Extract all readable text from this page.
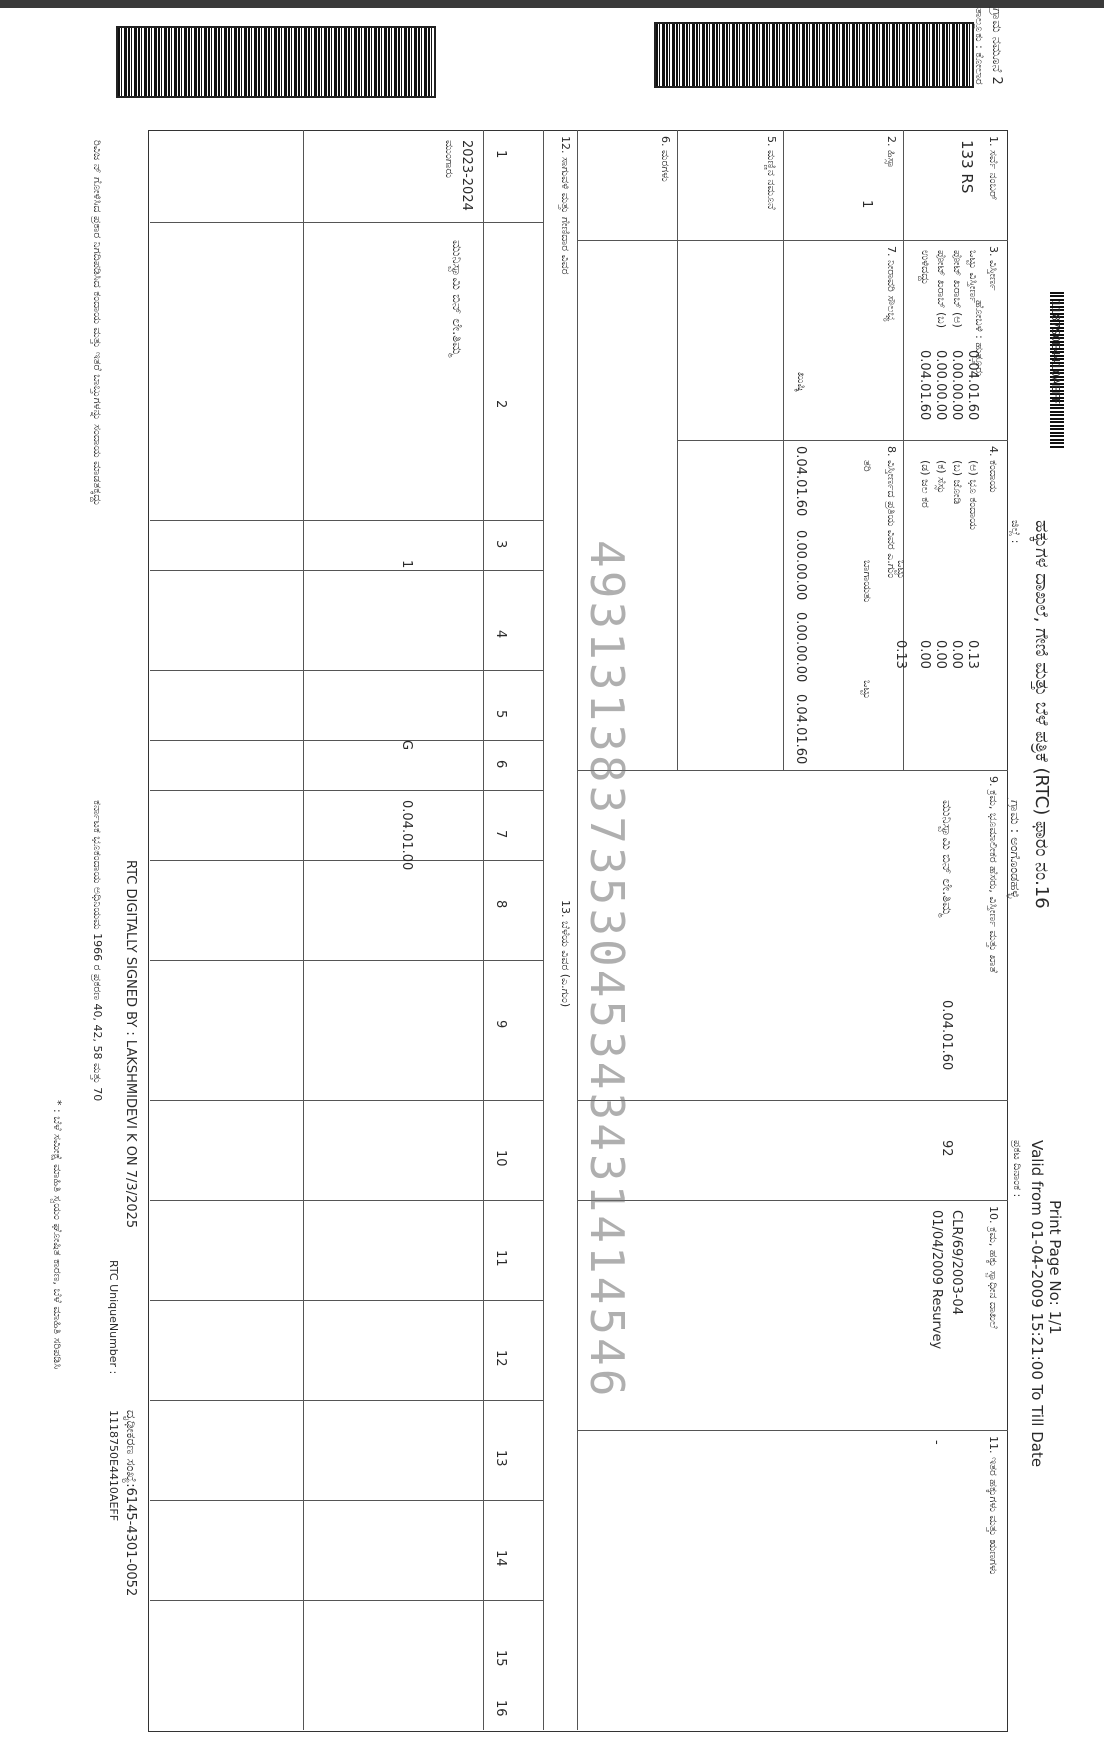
ಹಕ್ಕುಗಳ ದಾಖಲೆ, ಗೇಣಿ ಮತ್ತು ಬೆಳೆ ಪತ್ರಿಕೆ (RTC) ಫಾರಂ ನಂ.16
ಗ್ರಾಮ ನಮೂನೆ 2
ತಾಲ್ಲೂಕು : ಕೋಲಾರ
ಹೋಬಳಿ : ಹುತ್ತೂರು
ಜಿಲ್ಲೆ :
ಗ್ರಾಮ : ಅಂಗೊಂಡಹಳ್ಳಿ
Print Page No: 1/1
Valid from 01-04-2009 15:21:00 To Till Date
ಪ್ರಕಟ ದಿನಾಂಕ :
1187S0E4410AEFF
1. ಸರ್ವೆ ನಂಬರ್
133 RS
2. ಹಿಸ್ಸಾ
1
5. ಮಣ್ಣಿನ ನಮೂನೆ
6. ಮರಗಳು
3. ವಿಸ್ತೀರ್ಣ
ಒಟ್ಟು ವಿಸ್ತೀರ್ಣ
ಪೋಟ್ ಖರಾಬ್ (ಅ)
ಪೋಟ್ ಖರಾಬ್ (ಬ)
ಉಳಿದದ್ದು
0.04.01.60
0.00.00.00
0.00.00.00
0.04.01.60
7. ನೀರಾವರಿ ಸೌಲಭ್ಯ
ಖುಷ್ಕಿ
8. ವಿಸ್ತೀರ್ಣದ ಪ್ರತಿಯ ವಿವರ ಎ.ಗುಂ
ತರಿ
ಬಾಗಾಯತು
ಒಟ್ಟು
0.04.01.60
0.00.00.00
0.00.00.00
0.04.01.60
4. ಕಂದಾಯ
(ಅ) ಭೂ ಕಂದಾಯ
(ಬ) ಜೋಡಿ
(ಕ) ಸೆಸ್ಸು
(ಡ) ಜಲ ಕರ
0.13
0.00
0.00
0.00
ಒಟ್ಟು
0.13
9. ಕ್ರಮ, ಭೂಮಾಲೀಕರ ಹೆಸರು, ವಿಸ್ತೀರ್ಣ ಮತ್ತು ಖಾತೆ
ಮುನಿಸ್ವಾಮಿ ಬಿನ್ ಲೇ.ತಿಮ್ಮ
0.04.01.60
92
10. ಕ್ರಮ, ಹಕ್ಕು ಸ್ವಾಧೀನ ದಾಖಲೆ
CLR/69/2003-04
01/04/2009 Resurvey
11. ಇತರ ಹಕ್ಕುಗಳು ಮತ್ತು ಋಣಗಳು
-
12. ಸಾಗುವಳಿ ಮತ್ತು ಗೇಣಿದಾರ ವಿವರ
13. ಬೆಳೆಯ ವಿವರ (ಎ.ಗುಂ)
1
2
3
4
5
6
7
8
9
10
11
12
13
14
15
16
2023-2024
ಮುಂಗಾರು
ಮುನಿಸ್ವಾಮಿ ಬಿನ್ ಲೇ.ತಿಮ್ಮ
1
G
0.04.01.00	4931313837353045343431414546
RTC DIGITALLY SIGNED BY : LAKSHMIDEVI K ON 7/3/2025
RTC UniqueNumber :
1118750E4410AEFF ದೃಢೀಕರಣ ಸಂಖ್ಯೆ:6145-4301-0052
ರಿವಿಜ ನ್ ಗೋಳಿಸಿದ ಪ್ರಕಾರ ನಿಗದಿಪಡಿಸಿದ ಕಂದಾಯ ಮತ್ತು ಇತರೆ ಬಾಬ್ತುಗಳನ್ನು ಸಂದಾಯ ಮಾಡತಕ್ಕದ್ದು
ಕರ್ನಾಟಕ ಭೂಕಂದಾಯ ಅಧಿನಿಯಮ 1966 ರ ಪ್ರಕರಣ 40, 42, 58 ಮತ್ತು 70
* : ಬೆಳೆ ಸಮೀಕ್ಷೆ ಮಾಹಿತಿ ಸ್ವಯಂ ಘೋಷಿತ ಕಾರಣ, ಬೆಳೆ ಮಾಹಿತಿ ಸರಿಪಡಿಸಿ
